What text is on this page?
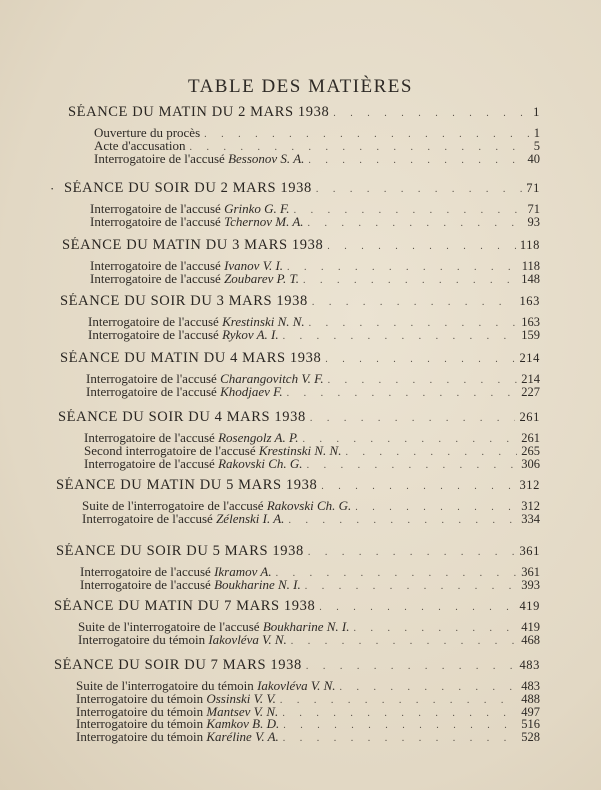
TABLE DES MATIÈRES
·
SÉANCE DU MATIN DU 2 MARS 1938 . . .	1
Ouverture du procès . . .	1
Acte d'accusation . . .	5
Interrogatoire de l'accusé Bessonov S. A. . . .	40
SÉANCE DU SOIR DU 2 MARS 1938 . . .	71
Interrogatoire de l'accusé Grinko G. F. . . .	71
Interrogatoire de l'accusé Tchernov M. A. . . .	93
SÉANCE DU MATIN DU 3 MARS 1938 . . .	118
Interrogatoire de l'accusé Ivanov V. I. . . .	118
Interrogatoire de l'accusé Zoubarev P. T. . . .	148
SÉANCE DU SOIR DU 3 MARS 1938 . . .	163
Interrogatoire de l'accusé Krestinski N. N. . . .	163
Interrogatoire de l'accusé Rykov A. I. . . .	159
SÉANCE DU MATIN DU 4 MARS 1938 . . .	214
Interrogatoire de l'accusé Charangovitch V. F. . . .	214
Interrogatoire de l'accusé Khodjaev F. . . .	227
SÉANCE DU SOIR DU 4 MARS 1938 . . .	261
Interrogatoire de l'accusé Rosengolz A. P. . . .	261
Second interrogatoire de l'accusé Krestinski N. N. . . .	265
Interrogatoire de l'accusé Rakovski Ch. G. . . .	306
SÉANCE DU MATIN DU 5 MARS 1938 . . .	312
Suite de l'interrogatoire de l'accusé Rakovski Ch. G. . . .	312
Interrogatoire de l'accusé Zélenski I. A. . . .	334
SÉANCE DU SOIR DU 5 MARS 1938 . . .	361
Interrogatoire de l'accusé Ikramov A. . . .	361
Interrogatoire de l'accusé Boukharine N. I. . . .	393
SÉANCE DU MATIN DU 7 MARS 1938 . . .	419
Suite de l'interrogatoire de l'accusé Boukharine N. I. . . .	419
Interrogatoire du témoin Iakovléva V. N. . . .	468
SÉANCE DU SOIR DU 7 MARS 1938 . . .	483
Suite de l'interrogatoire du témoin Iakovléva V. N. . . .	483
Interrogatoire du témoin Ossinski V. V. . . .	488
Interrogatoire du témoin Mantsev V. N. . . .	497
Interrogatoire du témoin Kamkov B. D. . . .	516
Interrogatoire du témoin Karéline V. A. . . .	528
